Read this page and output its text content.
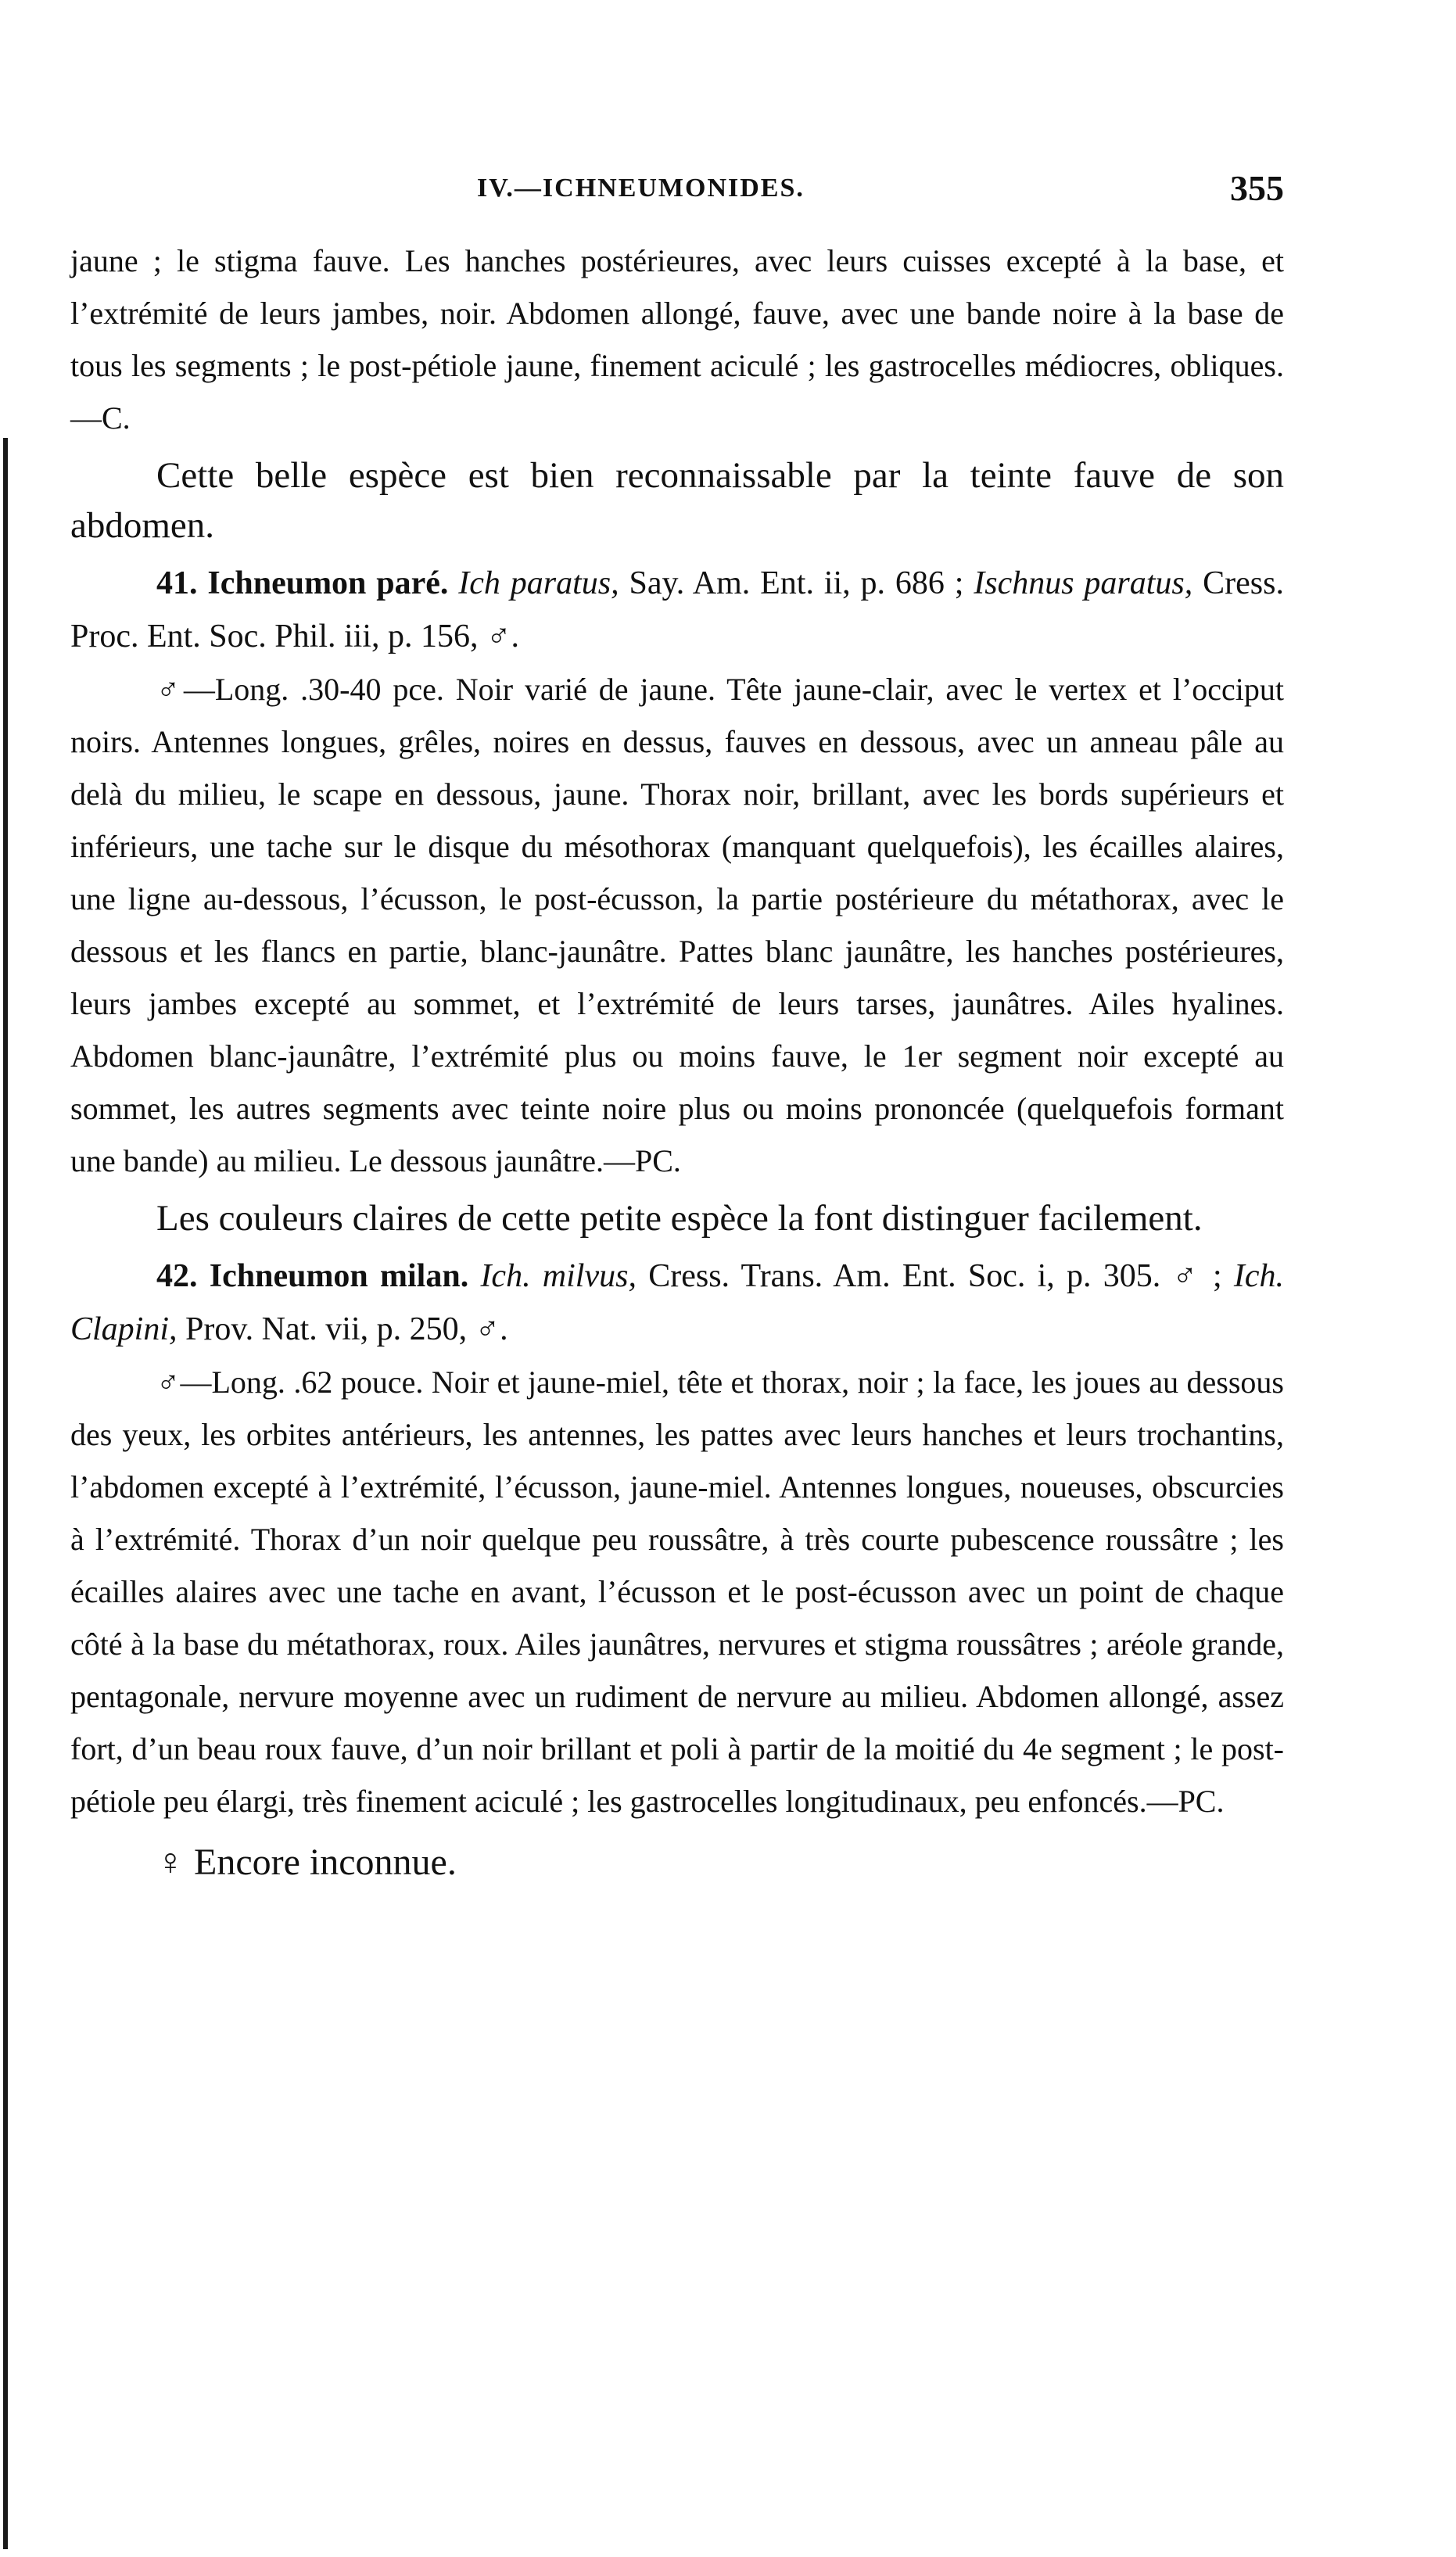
IV.—ICHNEUMONIDES.	355

jaune ; le stigma fauve. Les hanches postérieures, avec leurs cuisses excepté à la base, et l’extrémité de leurs jambes, noir. Abdomen allongé, fauve, avec une bande noire à la base de tous les segments ; le post-pétiole jaune, finement aciculé ; les gastrocelles médiocres, obliques.—C.

Cette belle espèce est bien reconnaissable par la teinte fauve de son abdomen.

41. Ichneumon paré. Ich paratus, Say. Am. Ent. ii, p. 686 ; Ischnus paratus, Cress. Proc. Ent. Soc. Phil. iii, p. 156, ♂.

♂—Long. .30-40 pce. Noir varié de jaune. Tête jaune-clair, avec le vertex et l’occiput noirs. Antennes longues, grêles, noires en dessus, fauves en dessous, avec un anneau pâle au delà du milieu, le scape en dessous, jaune. Thorax noir, brillant, avec les bords supérieurs et inférieurs, une tache sur le disque du mésothorax (manquant quelquefois), les écailles alaires, une ligne au-dessous, l’écusson, le post-écusson, la partie postérieure du métathorax, avec le dessous et les flancs en partie, blanc-jaunâtre. Pattes blanc jaunâtre, les hanches postérieures, leurs jambes excepté au sommet, et l’extrémité de leurs tarses, jaunâtres. Ailes hyalines. Abdomen blanc-jaunâtre, l’extrémité plus ou moins fauve, le 1er segment noir excepté au sommet, les autres segments avec teinte noire plus ou moins prononcée (quelquefois formant une bande) au milieu. Le dessous jaunâtre.—PC.

Les couleurs claires de cette petite espèce la font distinguer facilement.

42. Ichneumon milan. Ich. milvus, Cress. Trans. Am. Ent. Soc. i, p. 305. ♂ ; Ich. Clapini, Prov. Nat. vii, p. 250, ♂.

♂—Long. .62 pouce. Noir et jaune-miel, tête et thorax, noir ; la face, les joues au dessous des yeux, les orbites antérieurs, les antennes, les pattes avec leurs hanches et leurs trochantins, l’abdomen excepté à l’extrémité, l’écusson, jaune-miel. Antennes longues, noueuses, obscurcies à l’extrémité. Thorax d’un noir quelque peu roussâtre, à très courte pubescence roussâtre ; les écailles alaires avec une tache en avant, l’écusson et le post-écusson avec un point de chaque côté à la base du métathorax, roux. Ailes jaunâtres, nervures et stigma roussâtres ; aréole grande, pentagonale, nervure moyenne avec un rudiment de nervure au milieu. Abdomen allongé, assez fort, d’un beau roux fauve, d’un noir brillant et poli à partir de la moitié du 4e segment ; le post-pétiole peu élargi, très finement aciculé ; les gastrocelles longitudinaux, peu enfoncés.—PC.

♀ Encore inconnue.
